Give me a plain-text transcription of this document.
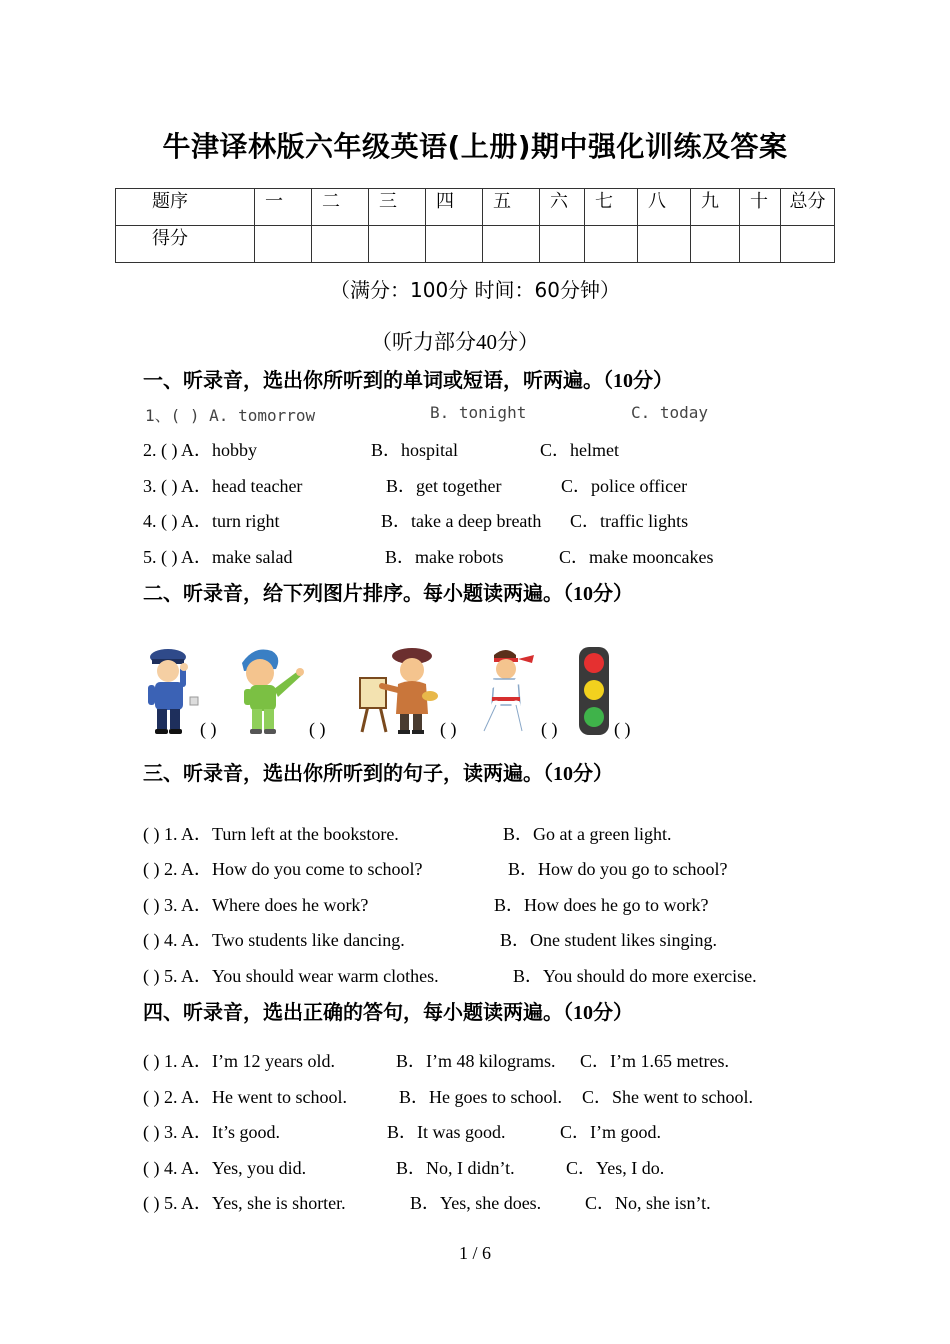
牛津译林版六年级英语(上册)期中强化训练及答案
题序	一	二	三	四	五	六	七	八	九	十	总分
得分											
（满分：100分 时间：60分钟）
（听力部分40分）
一、听录音，选出你所听到的单词或短语，听两遍。（10分）
1、( ) A. tomorrow	B. tonight	C. today
2. ( ) A．hobby	B．hospital	C．helmet
3. ( ) A．head teacher	B．get together	C．police officer
4. ( ) A．turn right	B．take a deep breath C．traffic lights
5. ( ) A．make salad	B．make robots	C．make mooncakes
二、听录音，给下列图片排序。每小题读两遍。（10分）
( )	( )	( )	( )	( )
三、听录音，选出你所听到的句子，读两遍。（10分）
( ) 1. A．Turn left at the bookstore.	B．Go at a green light.
( ) 2. A．How do you come to school?	B．How do you go to school?
( ) 3. A．Where does he work?	B．How does he go to work?
( ) 4. A．Two students like dancing.	B．One student likes singing.
( ) 5. A．You should wear warm clothes.	B．You should do more exercise.
四、听录音，选出正确的答句，每小题读两遍。（10分）
( ) 1. A．I’m 12 years old.	B．I’m 48 kilograms. C．I’m 1.65 metres.
( ) 2. A．He went to school.	B．He goes to school. C．She went to school.
( ) 3. A．It’s good.	B．It was good.	C．I’m good.
( ) 4. A．Yes, you did.	B．No, I didn’t.	C．Yes, I do.
( ) 5. A．Yes, she is shorter.	B．Yes, she does. C．No, she isn’t.
1 / 6
